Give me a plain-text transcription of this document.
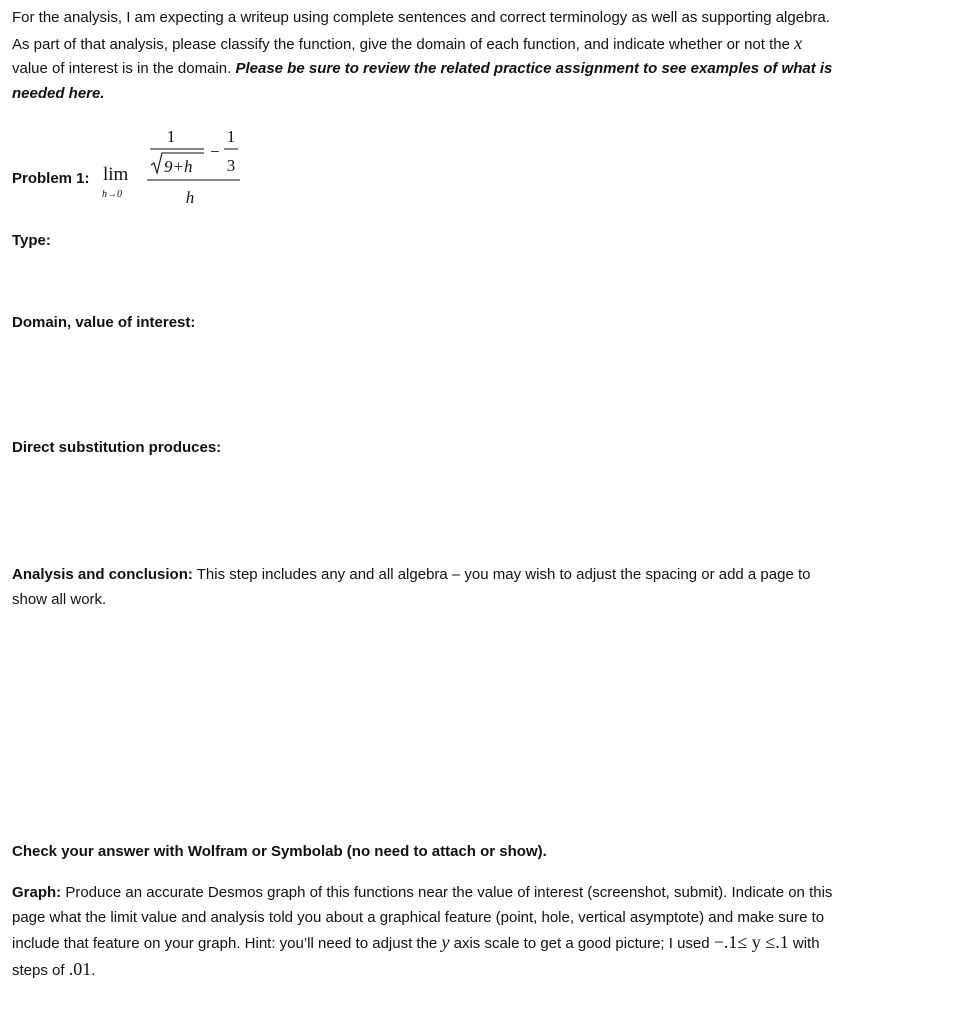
For the analysis, I am expecting a writeup using complete sentences and correct terminology as well as supporting algebra. As part of that analysis, please classify the function, give the domain of each function, and indicate whether or not the x value of interest is in the domain. Please be sure to review the related practice assignment to see examples of what is needed here.
Problem 1: lim
h→0
1
9+h
−
1
3
h
Type:
Domain, value of interest:
Direct substitution produces:
Analysis and conclusion: This step includes any and all algebra – you may wish to adjust the spacing or add a page to show all work.
Check your answer with Wolfram or Symbolab (no need to attach or show).
Graph: Produce an accurate Desmos graph of this functions near the value of interest (screenshot, submit). Indicate on this page what the limit value and analysis told you about a graphical feature (point, hole, vertical asymptote) and make sure to include that feature on your graph. Hint: you’ll need to adjust the y axis scale to get a good picture; I used −.1≤ y ≤.1 with steps of .01.
